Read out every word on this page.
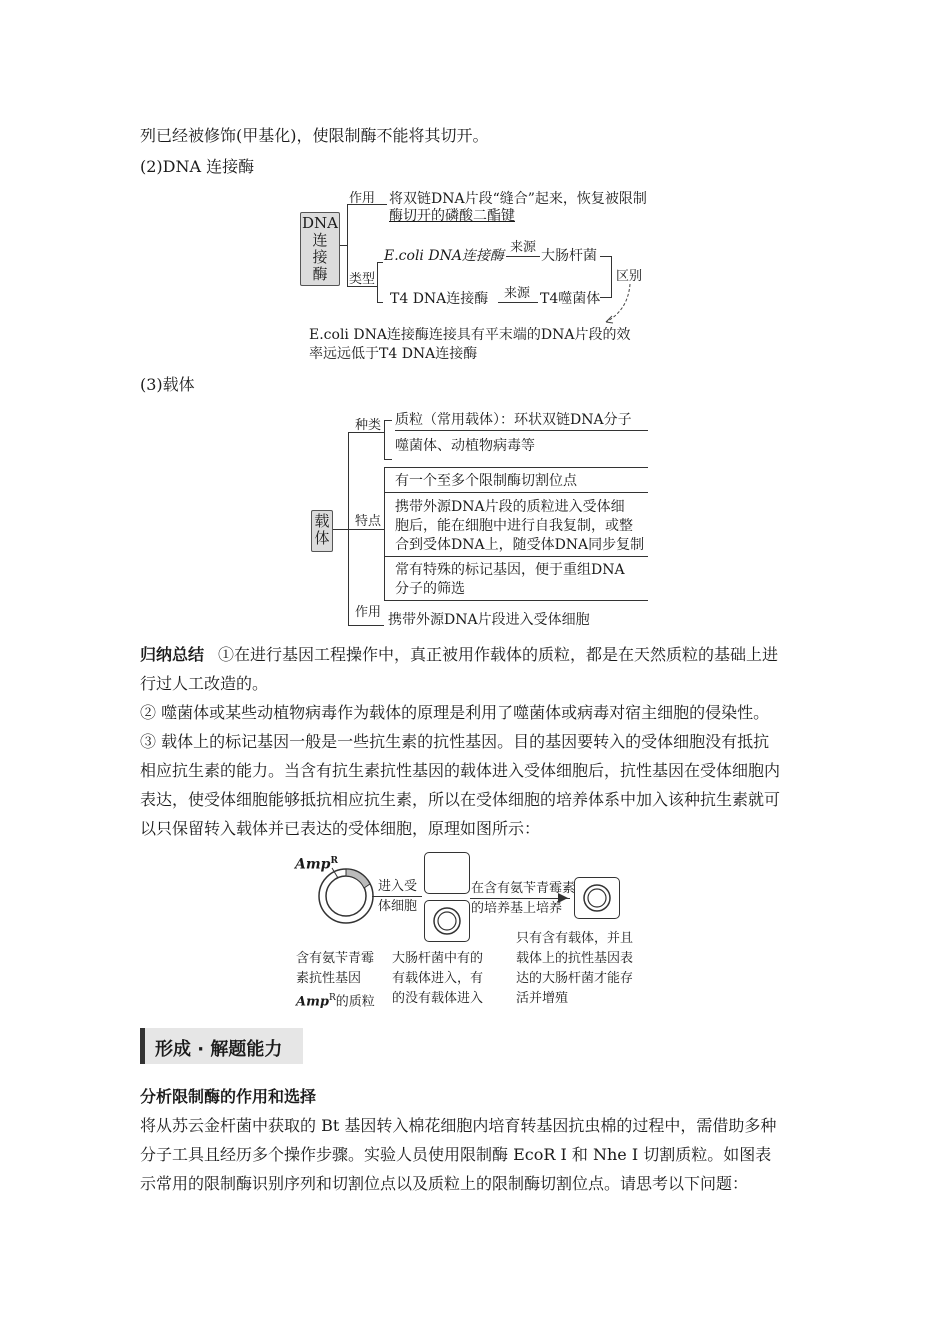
列已经被修饰(甲基化)，使限制酶不能将其切开。
(2)DNA 连接酶
DNA
连
接
酶
作用 将双链DNA片段“缝合”起来，恢复被限制
酶切开的磷酸二酯键
类型
E.coli DNA连接酶
来源
大肠杆菌
T4 DNA连接酶 来源 T4噬菌体
区别
E.coli DNA连接酶连接具有平末端的DNA片段的效
率远远低于T4 DNA连接酶
(3)载体
载
体
种类 质粒（常用载体）：环状双链DNA分子
噬菌体、动植物病毒等
特点
有一个至多个限制酶切割位点
携带外源DNA片段的质粒进入受体细
胞后，能在细胞中进行自我复制，或整
合到受体DNA上，随受体DNA同步复制
常有特殊的标记基因，便于重组DNA
分子的筛选
作用 携带外源DNA片段进入受体细胞
归纳总结 ①在进行基因工程操作中，真正被用作载体的质粒，都是在天然质粒的基础上进
行过人工改造的。
② 噬菌体或某些动植物病毒作为载体的原理是利用了噬菌体或病毒对宿主细胞的侵染性。
③ 载体上的标记基因一般是一些抗生素的抗性基因。目的基因要转入的受体细胞没有抵抗
相应抗生素的能力。当含有抗生素抗性基因的载体进入受体细胞后，抗性基因在受体细胞内
表达，使受体细胞能够抵抗相应抗生素，所以在受体细胞的培养体系中加入该种抗生素就可
以只保留转入载体并已表达的受体细胞，原理如图所示：
Amp$^R$
进入受
体细胞
在含有氨苄青霉素
的培养基上培养
含有氨苄青霉
素抗性基因
Amp$^R$的质粒
大肠杆菌中有的
有载体进入，有
的没有载体进入
只有含有载体，并且
载体上的抗性基因表
达的大肠杆菌才能存
活并增殖
形成 · 解题能力
分析限制酶的作用和选择
将从苏云金杆菌中获取的 Bt 基因转入棉花细胞内培育转基因抗虫棉的过程中，需借助多种
分子工具且经历多个操作步骤。实验人员使用限制酶 EcoR Ⅰ 和 Nhe Ⅰ 切割质粒。如图表
示常用的限制酶识别序列和切割位点以及质粒上的限制酶切割位点。请思考以下问题：
